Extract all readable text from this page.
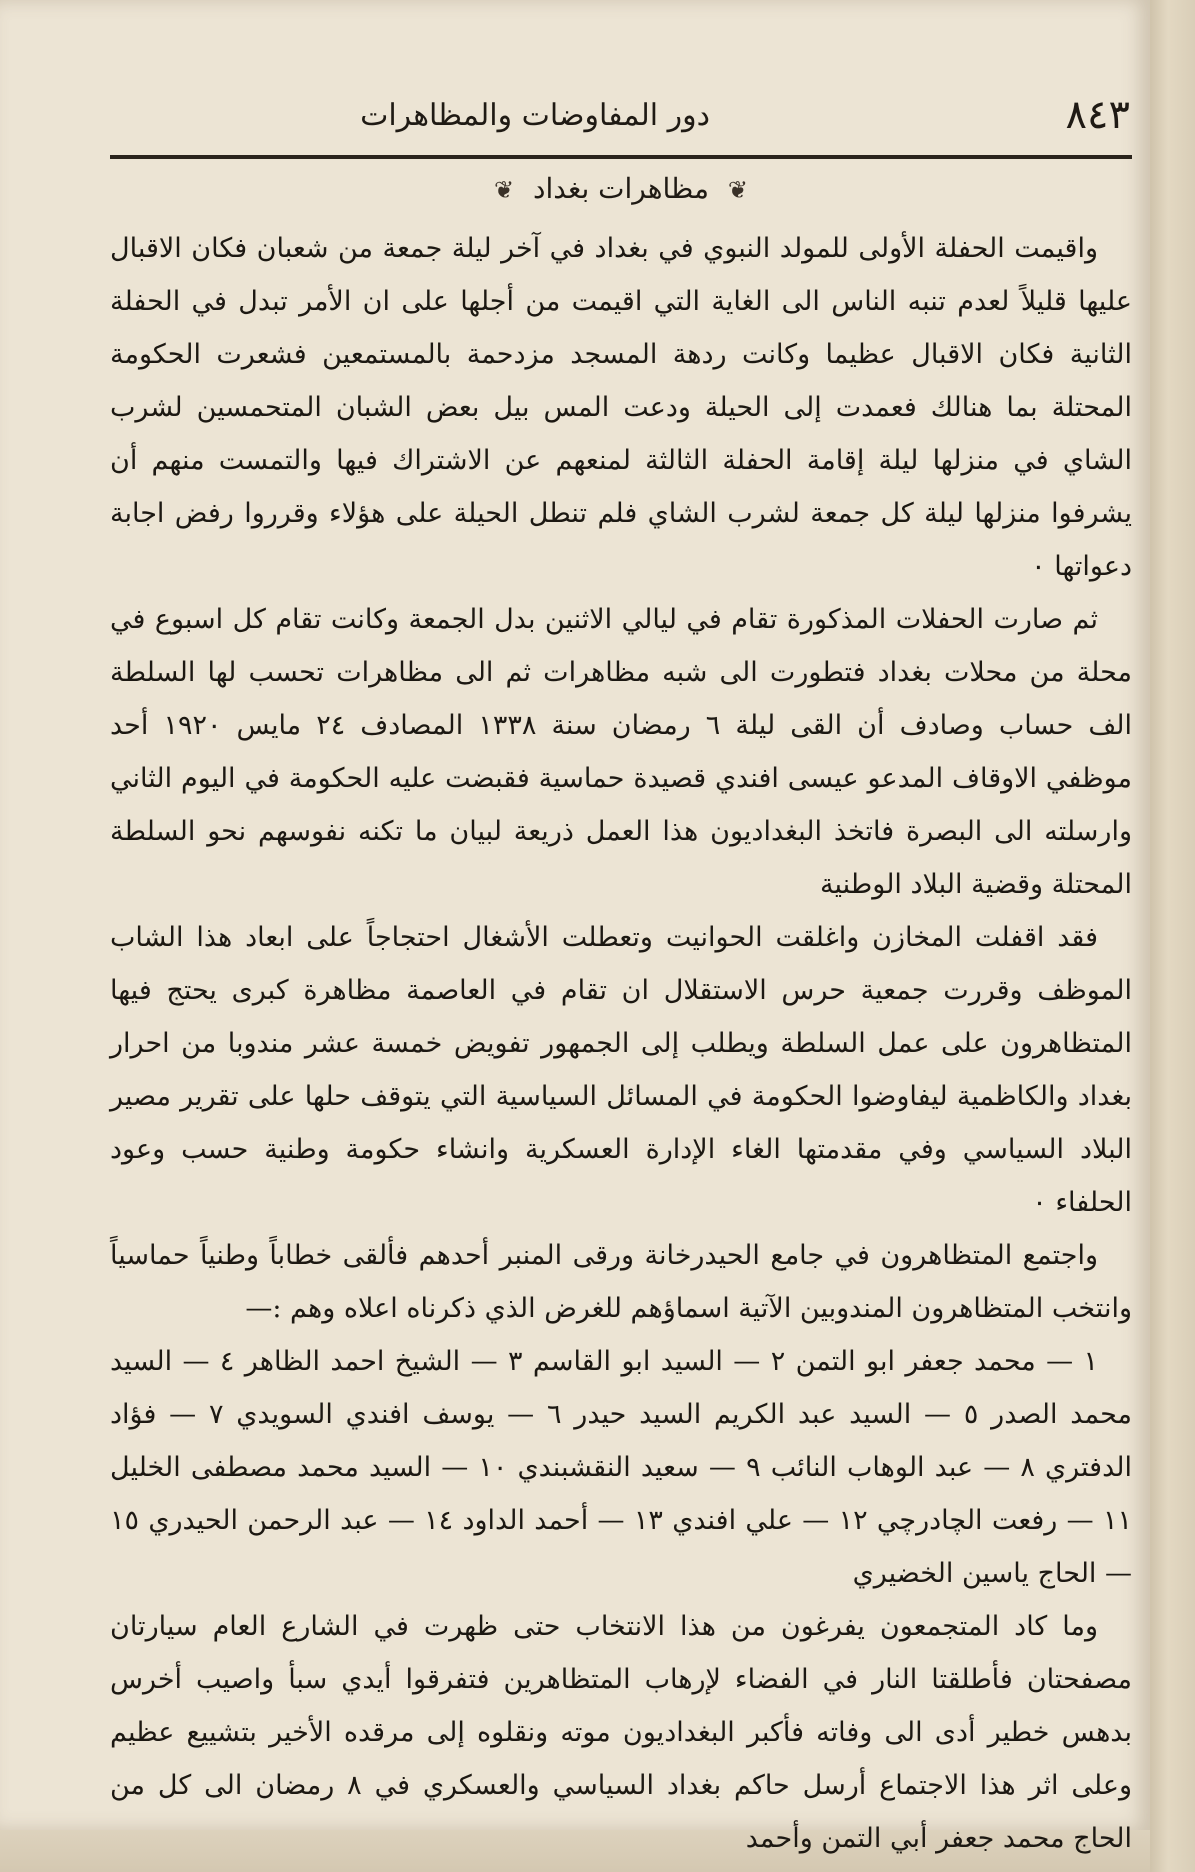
٨٤٣
دور المفاوضات والمظاهرات
❦ مظاهرات بغداد ❦

واقيمت الحفلة الأولى للمولد النبوي في بغداد في آخر ليلة جمعة من شعبان فكان الاقبال عليها قليلاً لعدم تنبه الناس الى الغاية التي اقيمت من أجلها على ان الأمر تبدل في الحفلة الثانية فكان الاقبال عظيما وكانت ردهة المسجد مزدحمة بالمستمعين فشعرت الحكومة المحتلة بما هنالك فعمدت إلى الحيلة ودعت المس بيل بعض الشبان المتحمسين لشرب الشاي في منزلها ليلة إقامة الحفلة الثالثة لمنعهم عن الاشتراك فيها والتمست منهم أن يشرفوا منزلها ليلة كل جمعة لشرب الشاي فلم تنطل الحيلة على هؤلاء وقرروا رفض اجابة دعواتها ٠

ثم صارت الحفلات المذكورة تقام في ليالي الاثنين بدل الجمعة وكانت تقام كل اسبوع في محلة من محلات بغداد فتطورت الى شبه مظاهرات ثم الى مظاهرات تحسب لها السلطة الف حساب وصادف أن القى ليلة ٦ رمضان سنة ١٣٣٨ المصادف ٢٤ مايس ١٩٢٠ أحد موظفي الاوقاف المدعو عيسى افندي قصيدة حماسية فقبضت عليه الحكومة في اليوم الثاني وارسلته الى البصرة فاتخذ البغداديون هذا العمل ذريعة لبيان ما تكنه نفوسهم نحو السلطة المحتلة وقضية البلاد الوطنية

فقد اقفلت المخازن واغلقت الحوانيت وتعطلت الأشغال احتجاجاً على ابعاد هذا الشاب الموظف وقررت جمعية حرس الاستقلال ان تقام في العاصمة مظاهرة كبرى يحتج فيها المتظاهرون على عمل السلطة ويطلب إلى الجمهور تفويض خمسة عشر مندوبا من احرار بغداد والكاظمية ليفاوضوا الحكومة في المسائل السياسية التي يتوقف حلها على تقرير مصير البلاد السياسي وفي مقدمتها الغاء الإدارة العسكرية وانشاء حكومة وطنية حسب وعود الحلفاء ٠

واجتمع المتظاهرون في جامع الحيدرخانة ورقى المنبر أحدهم فألقى خطاباً وطنياً حماسياً وانتخب المتظاهرون المندوبين الآتية اسماؤهم للغرض الذي ذكرناه اعلاه وهم :—

١ — محمد جعفر ابو التمن ٢ — السيد ابو القاسم ٣ — الشيخ احمد الظاهر ٤ — السيد محمد الصدر ٥ — السيد عبد الكريم السيد حيدر ٦ — يوسف افندي السويدي ٧ — فؤاد الدفتري ٨ — عبد الوهاب النائب ٩ — سعيد النقشبندي ١٠ — السيد محمد مصطفى الخليل ١١ — رفعت الچادرچي ١٢ — علي افندي ١٣ — أحمد الداود ١٤ — عبد الرحمن الحيدري ١٥ — الحاج ياسين الخضيري

وما كاد المتجمعون يفرغون من هذا الانتخاب حتى ظهرت في الشارع العام سيارتان مصفحتان فأطلقتا النار في الفضاء لإرهاب المتظاهرين فتفرقوا أيدي سبأ واصيب أخرس بدهس خطير أدى الى وفاته فأكبر البغداديون موته ونقلوه إلى مرقده الأخير بتشييع عظيم وعلى اثر هذا الاجتماع أرسل حاكم بغداد السياسي والعسكري في ٨ رمضان الى كل من الحاج محمد جعفر أبي التمن وأحمد
